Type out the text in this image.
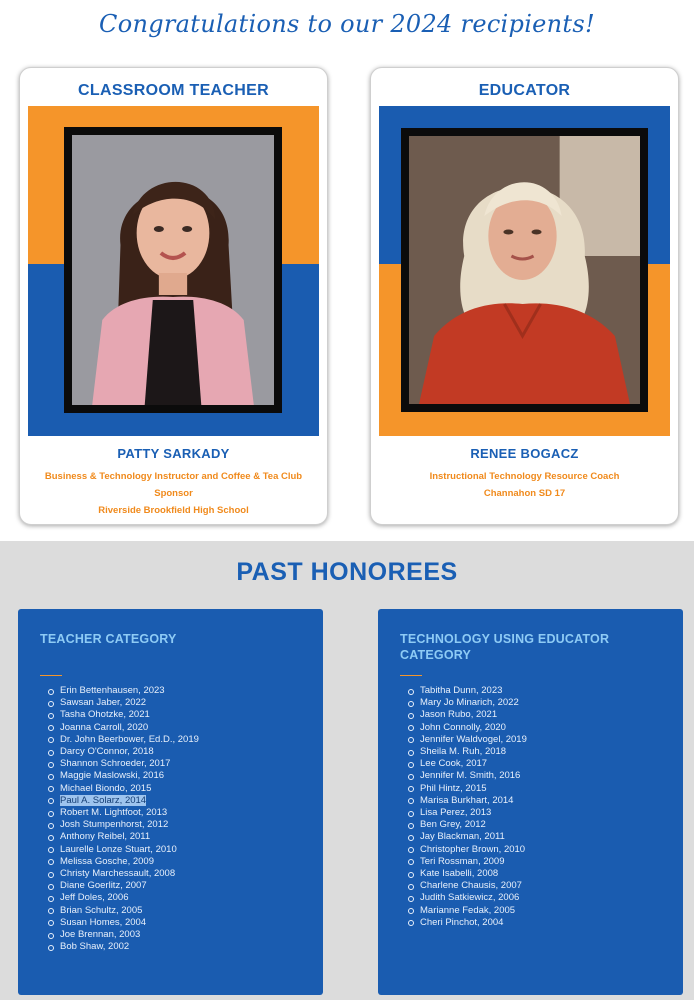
Congratulations to our 2024 recipients!
CLASSROOM TEACHER
PATTY SARKADY
Business & Technology Instructor and Coffee & Tea Club
Sponsor
Riverside Brookfield High School
EDUCATOR
RENEE BOGACZ
Instructional Technology Resource Coach
Channahon SD 17
PAST HONOREES
TEACHER CATEGORY
Erin Bettenhausen, 2023
Sawsan Jaber, 2022
Tasha Ohotzke, 2021
Joanna Carroll, 2020
Dr. John Beerbower, Ed.D., 2019
Darcy O'Connor, 2018
Shannon Schroeder, 2017
Maggie Maslowski, 2016
Michael Biondo, 2015
Paul A. Solarz, 2014
Robert M. Lightfoot, 2013
Josh Stumpenhorst, 2012
Anthony Reibel, 2011
Laurelle Lonze Stuart, 2010
Melissa Gosche, 2009
Christy Marchessault, 2008
Diane Goerlitz, 2007
Jeff Doles, 2006
Brian Schultz, 2005
Susan Homes, 2004
Joe Brennan, 2003
Bob Shaw, 2002
TECHNOLOGY USING EDUCATOR CATEGORY
Tabitha Dunn, 2023
Mary Jo Minarich, 2022
Jason Rubo, 2021
John Connolly, 2020
Jennifer Waldvogel, 2019
Sheila M. Ruh, 2018
Lee Cook, 2017
Jennifer M. Smith, 2016
Phil Hintz, 2015
Marisa Burkhart, 2014
Lisa Perez, 2013
Ben Grey, 2012
Jay Blackman, 2011
Christopher Brown, 2010
Teri Rossman, 2009
Kate Isabelli, 2008
Charlene Chausis, 2007
Judith Satkiewicz, 2006
Marianne Fedak, 2005
Cheri Pinchot, 2004
